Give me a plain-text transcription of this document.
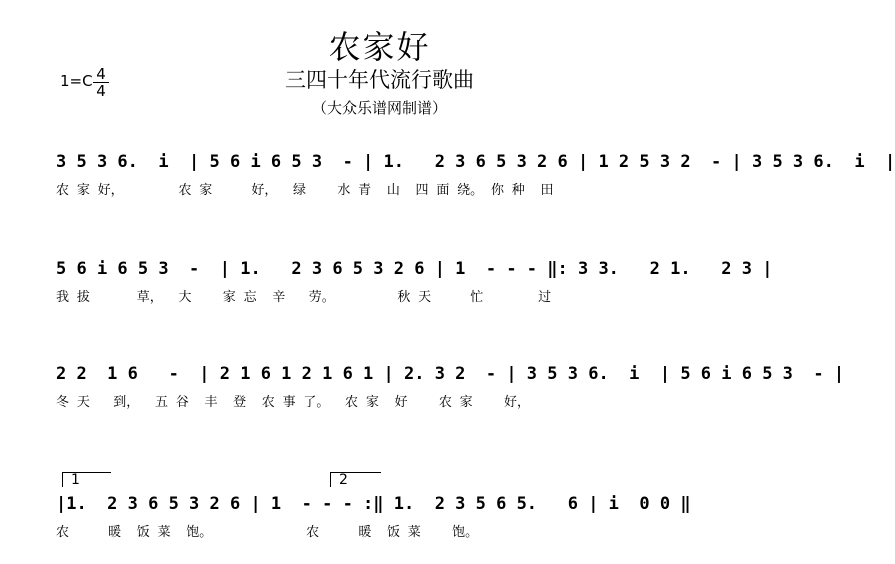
农家好
三四十年代流行歌曲
（大众乐谱网制谱）
1=C 4
4
3 5 3 6.  i  | 5 6 i 6 5 3  - | 1.   2 3 6 5 3 2 6 | 1 2 5 3 2  - | 3 5 3 6.  i  |
农 家 好，       农 家     好，  绿    水 青  山  四 面 绕。 你 种  田
5 6 i 6 5 3  -  | 1.   2 3 6 5 3 2 6 | 1  - - - ‖: 3 3.   2 1.   2 3 |
我 拔      草，  大    家 忘  辛   劳。        秋 天     忙       过
2 2  1 6   -  | 2 1 6 1 2 1 6 1 | 2. 3 2  - | 3 5 3 6.  i  | 5 6 i 6 5 3  - |
冬 天   到，  五 谷  丰  登  农 事 了。  农 家  好    农 家    好，
1	2
|1.  2 3 6 5 3 2 6 | 1  - - - :‖ 1.  2 3 5 6 5.   6 | i  0 0 ‖
农     暖  饭 菜  饱。            农     暖  饭 菜    饱。
